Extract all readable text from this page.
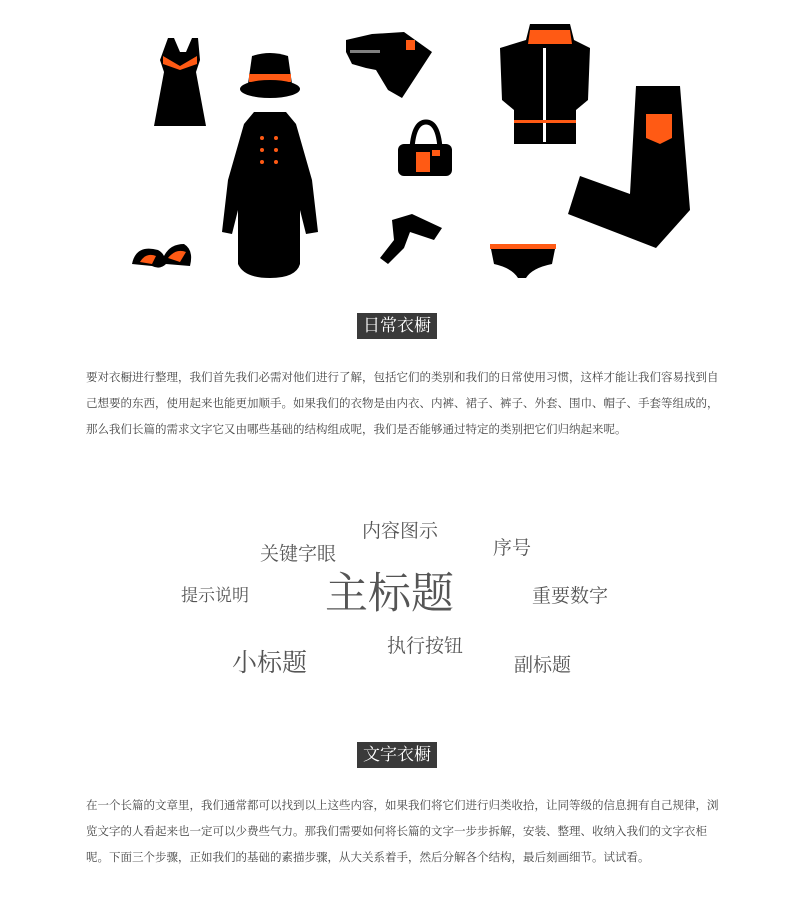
日常衣橱

要对衣橱进行整理，我们首先我们必需对他们进行了解，包括它们的类别和我们的日常使用习惯，这样才能让我们容易找到自己想要的东西，使用起来也能更加顺手。如果我们的衣物是由内衣、内裤、裙子、裤子、外套、围巾、帽子、手套等组成的，那么我们长篇的需求文字它又由哪些基础的结构组成呢，我们是否能够通过特定的类别把它们归纳起来呢。

内容图示
关键字眼	序号
提示说明 主标题	重要数字
执行按钮
小标题	副标题
文字衣橱

在一个长篇的文章里，我们通常都可以找到以上这些内容，如果我们将它们进行归类收拾，让同等级的信息拥有自己规律，浏览文字的人看起来也一定可以少费些气力。那我们需要如何将长篇的文字一步步拆解，安装、整理、收纳入我们的文字衣柜呢。下面三个步骤，正如我们的基础的素描步骤，从大关系着手，然后分解各个结构，最后刻画细节。试试看。
